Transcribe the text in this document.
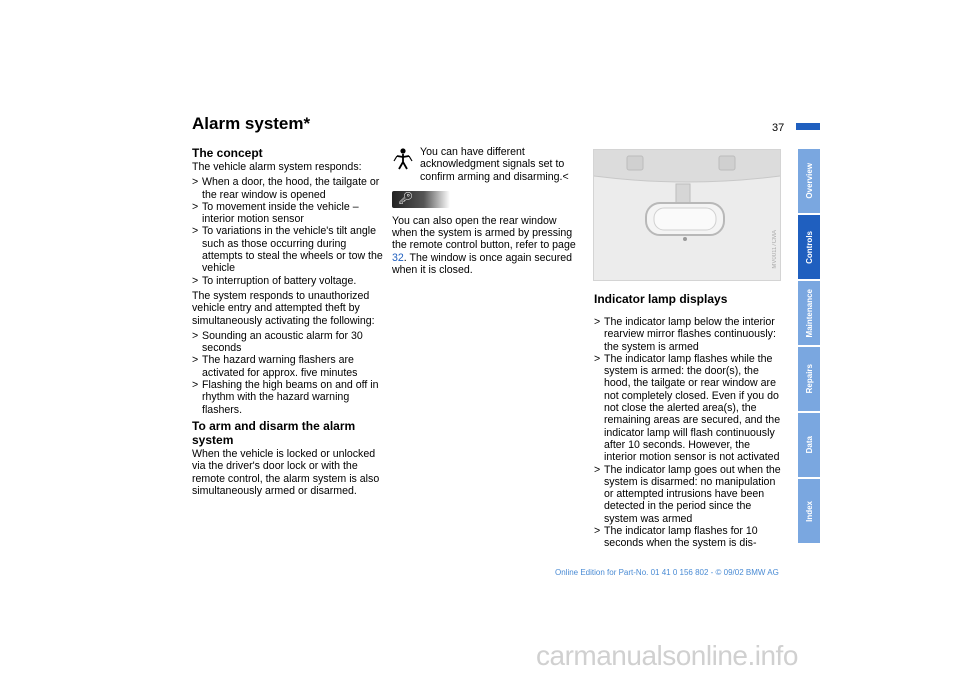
Alarm system*	37
The concept

The vehicle alarm system responds:

> When a door, the hood, the tailgate or the rear window is opened
> To movement inside the vehicle – interior motion sensor
> To variations in the vehicle's tilt angle such as those occurring during attempts to steal the wheels or tow the vehicle
> To interruption of battery voltage.

The system responds to unauthorized vehicle entry and attempted theft by simultaneously activating the following:

> Sounding an acoustic alarm for 30 seconds
> The hazard warning flashers are activated for approx. five minutes
> Flashing the high beams on and off in rhythm with the hazard warning flashers.
To arm and disarm the alarm system

When the vehicle is locked or unlocked via the driver's door lock or with the remote control, the alarm system is also simultaneously armed or disarmed.

You can have different acknowledgment signals set to confirm arming and disarming.<
🔑︎

You can also open the rear window when the system is armed by pressing the remote control button, refer to page 32. The window is once again secured when it is closed.

MV00117CMA
Indicator lamp displays
> The indicator lamp below the interior rearview mirror flashes continuously: the system is armed
> The indicator lamp flashes while the system is armed: the door(s), the hood, the tailgate or rear window are not completely closed. Even if you do not close the alerted area(s), the remaining areas are secured, and the indicator lamp will flash continuously after 10 seconds. However, the interior motion sensor is not activated
> The indicator lamp goes out when the system is disarmed: no manipulation or attempted intrusions have been detected in the period since the system was armed
> The indicator lamp flashes for 10 seconds when the system is dis-
Overview
Controls
Maintenance
Repairs
Data
Index
Online Edition for Part-No. 01 41 0 156 802 - © 09/02 BMW AG
carmanualsonline.info
